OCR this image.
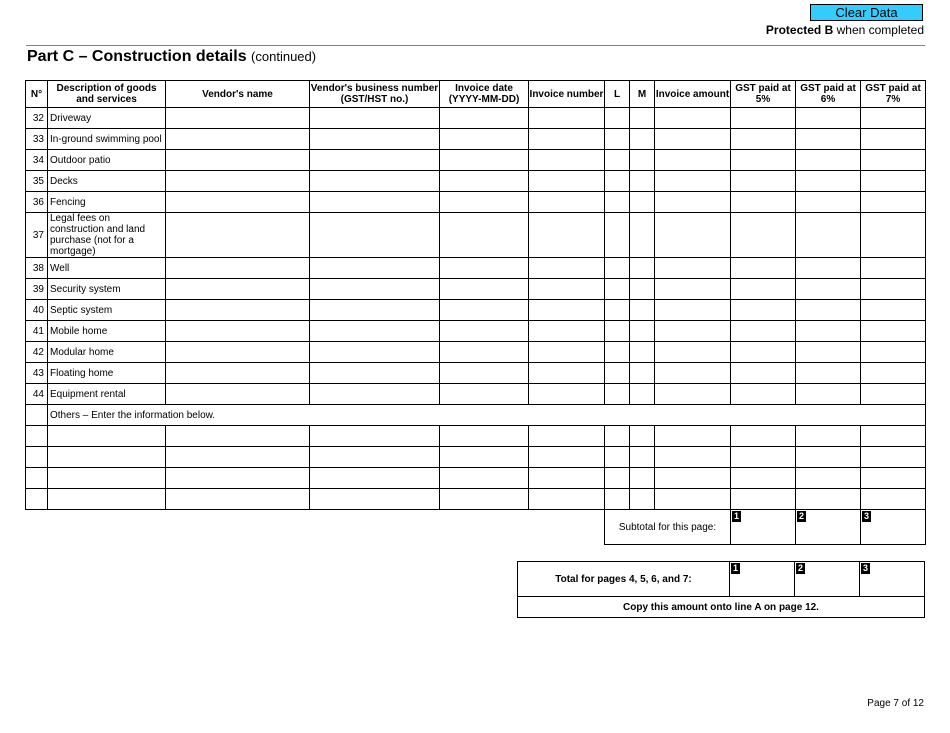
Clear Data
Protected B when completed
Part C – Construction details (continued)
N°	Description of goods and services	Vendor's name	Vendor's business number (GST/HST no.)	Invoice date (YYYY-MM-DD)	Invoice number	L	M	Invoice amount	GST paid at 5%	GST paid at 6%	GST paid at 7%
32	Driveway										
33	In-ground swimming pool										
34	Outdoor patio										
35	Decks										
36	Fencing										
37	Legal fees on construction and land purchase (not for a mortgage)										
38	Well										
39	Security system										
40	Septic system										
41	Mobile home										
42	Modular home										
43	Floating home										
44	Equipment rental										
	Others – Enter the information below.										

						Subtotal for this page:			1	2	3
Total for pages 4, 5, 6, and 7:	
1	2	3

Copy this amount onto line A on page 12.
Page 7 of 12
